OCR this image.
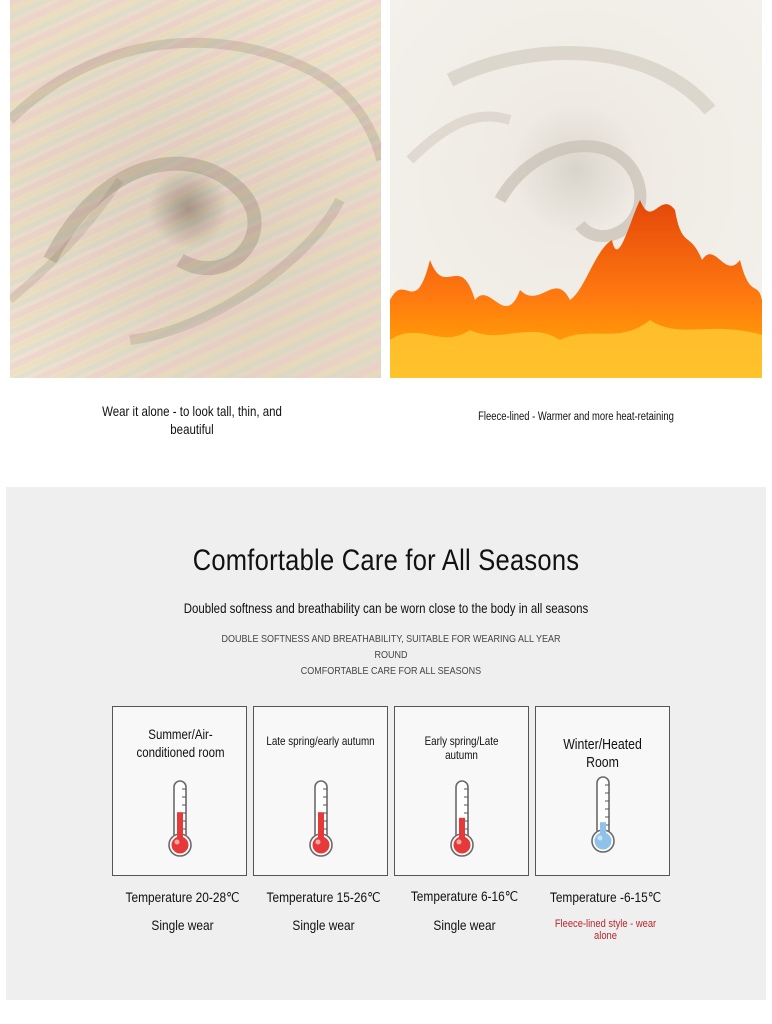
Wear it alone - to look tall, thin, and beautiful
Fleece-lined - Warmer and more heat-retaining
Comfortable Care for All Seasons
Doubled softness and breathability can be worn close to the body in all seasons
DOUBLE SOFTNESS AND BREATHABILITY, SUITABLE FOR WEARING ALL YEAR ROUND
COMFORTABLE CARE FOR ALL SEASONS
Summer/Air-conditioned room
Late spring/early autumn	Early spring/Late autumn
Winter/Heated Room
Temperature 20-28℃ Temperature 15-26℃ Temperature 6-16℃ Temperature -6-15℃
Single wear	Single wear	Single wear	Fleece-lined style - wear alone
